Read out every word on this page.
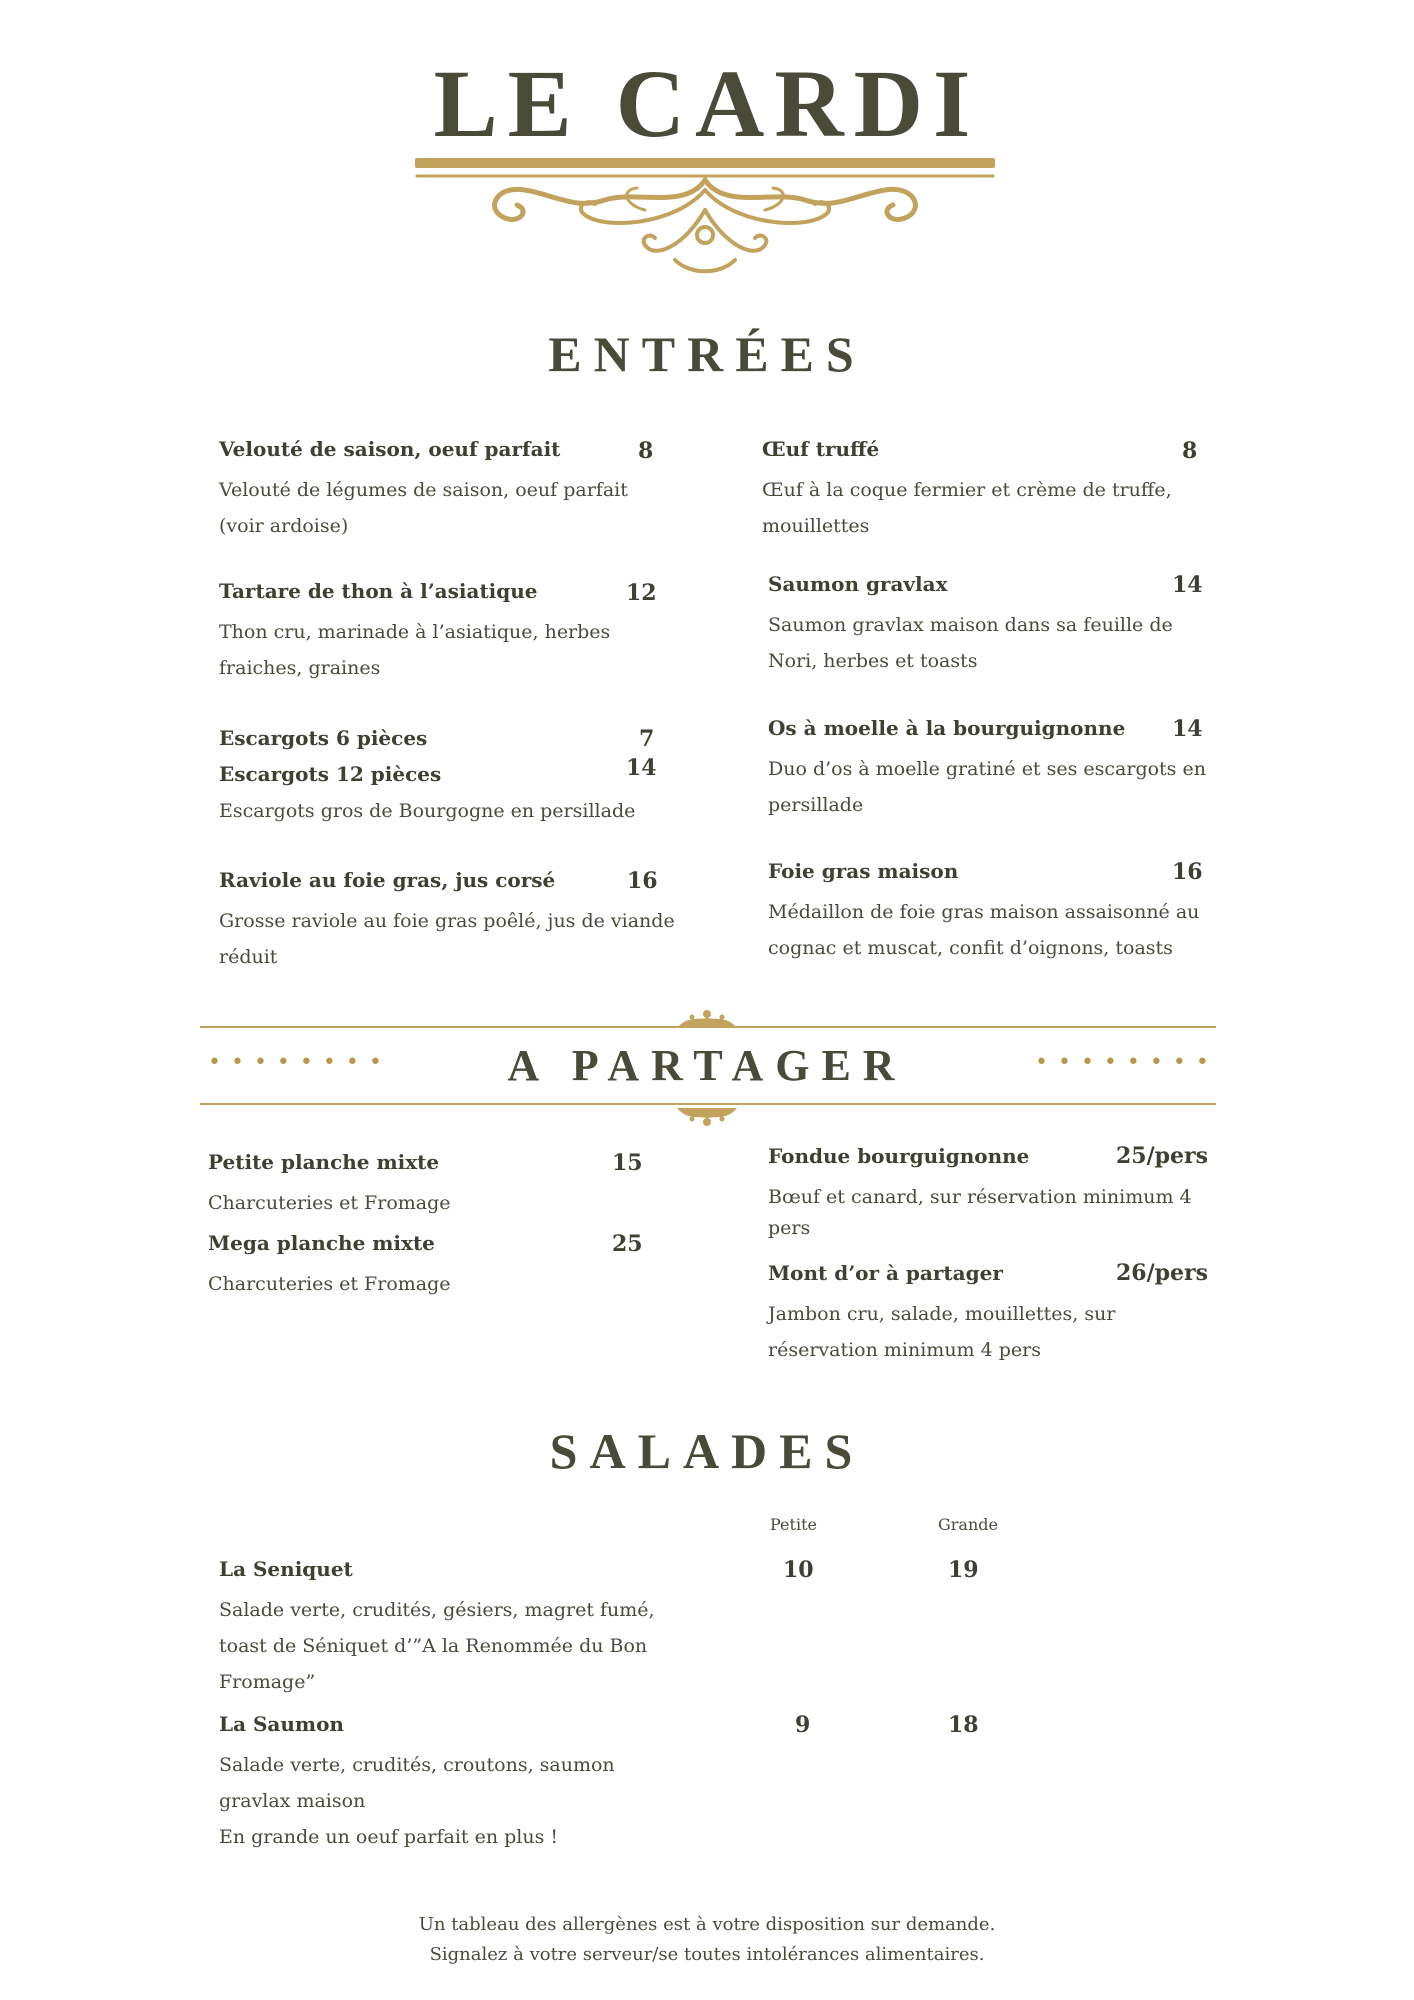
LE CARDI
ENTRÉES
Velouté de saison, oeuf parfait	8
Velouté de légumes de saison, oeuf parfait
(voir ardoise)
Tartare de thon à l’asiatique	12
Thon cru, marinade à l’asiatique, herbes
fraiches, graines
Escargots 6 pièces	7
Escargots 12 pièces	14
Escargots gros de Bourgogne en persillade
Raviole au foie gras, jus corsé	16
Grosse raviole au foie gras poêlé, jus de viande
réduit
Œuf truffé	8
Œuf à la coque fermier et crème de truffe,
mouillettes
Saumon gravlax	14
Saumon gravlax maison dans sa feuille de
Nori, herbes et toasts
Os à moelle à la bourguignonne 14
Duo d’os à moelle gratiné et ses escargots en
persillade
Foie gras maison	16
Médaillon de foie gras maison assaisonné au
cognac et muscat, confit d’oignons, toasts
••••••••	••••••••
A PARTAGER
Petite planche mixte	15
Charcuteries et Fromage
Mega planche mixte	25
Charcuteries et Fromage
Fondue bourguignonne	25/pers
Bœuf et canard, sur réservation minimum 4
pers
Mont d’or à partager	26/pers
Jambon cru, salade, mouillettes, sur
réservation minimum 4 pers
SALADES
Petite	Grande
La Seniquet	10	19
Salade verte, crudités, gésiers, magret fumé,
toast de Séniquet d’”A la Renommée du Bon
Fromage”
La Saumon	9	18
Salade verte, crudités, croutons, saumon
gravlax maison
En grande un oeuf parfait en plus !
Un tableau des allergènes est à votre disposition sur demande.
Signalez à votre serveur/se toutes intolérances alimentaires.
